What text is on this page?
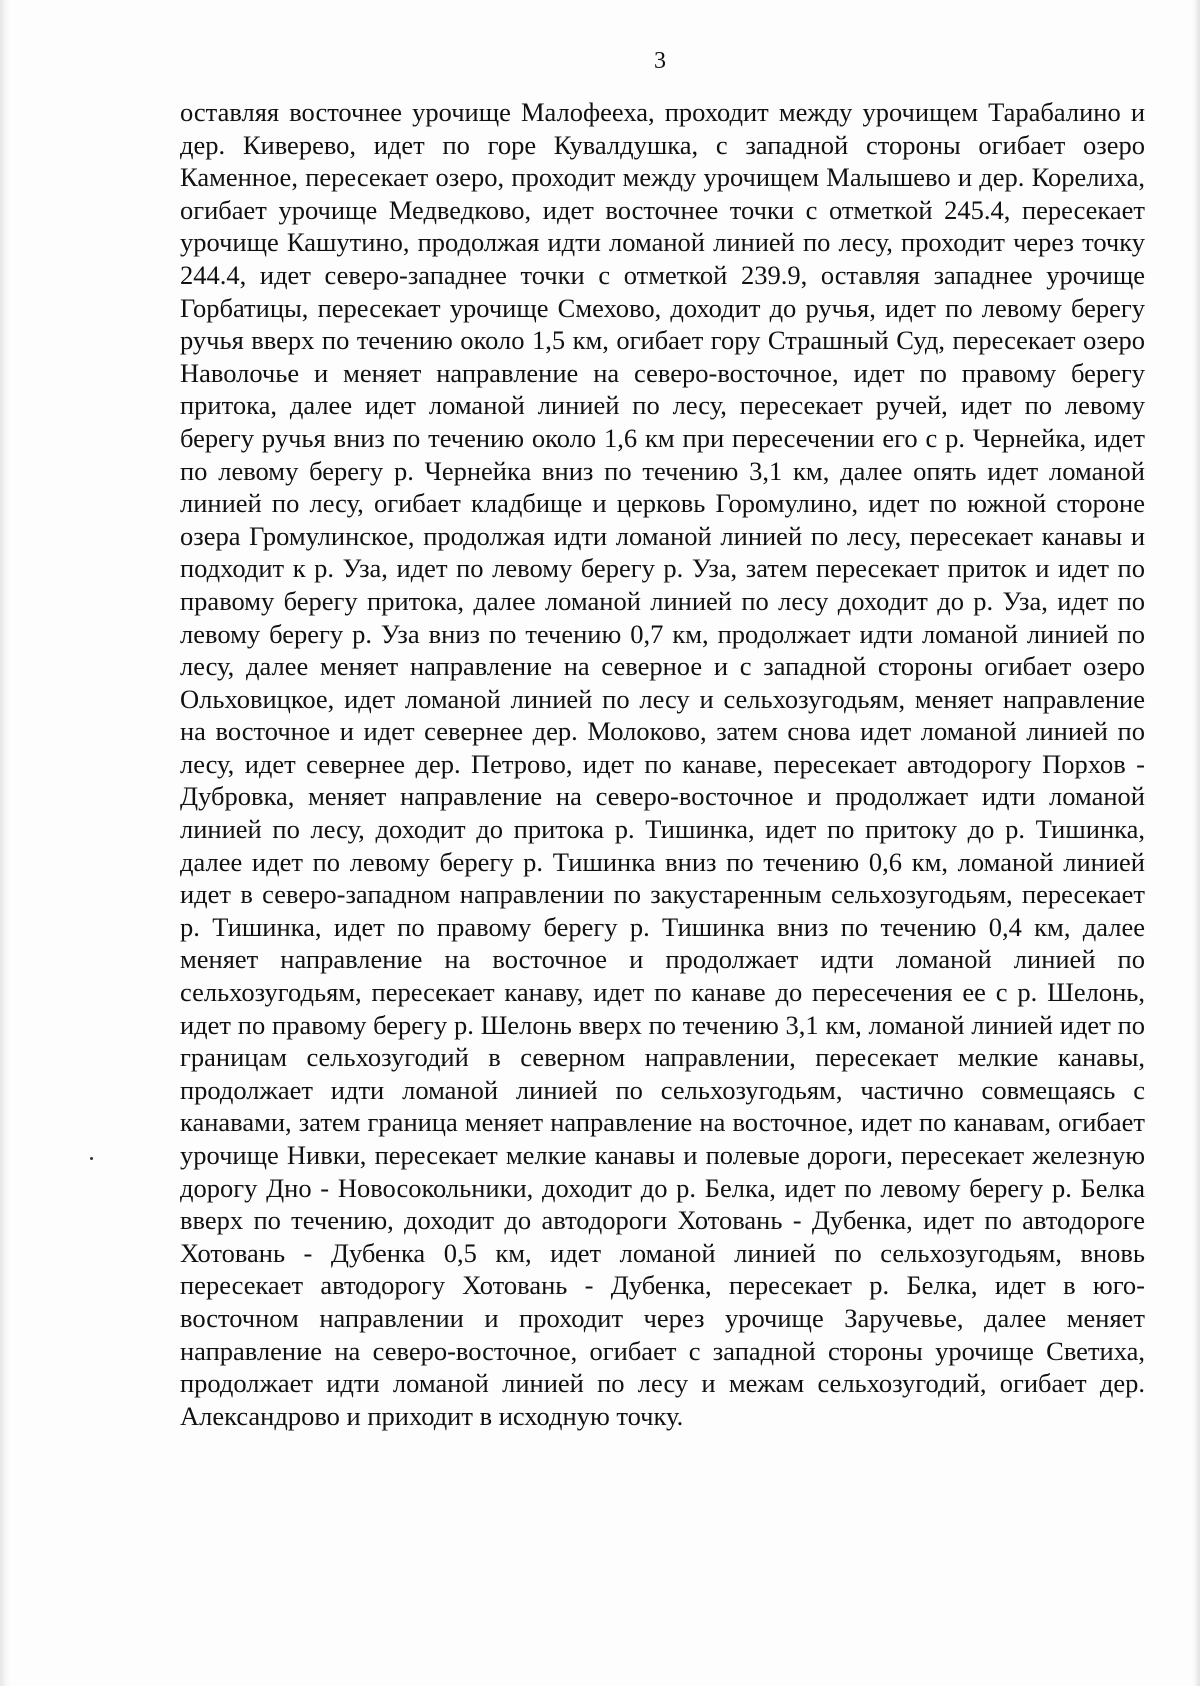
3

оставляя восточнее урочище Малофееха, проходит между урочищем Тарабалино и дер. Киверево, идет по горе Кувалдушка, с западной стороны огибает озеро Каменное, пересекает озеро, проходит между урочищем Малышево и дер. Корелиха, огибает урочище Медведково, идет восточнее точки с отметкой 245.4, пересекает урочище Кашутино, продолжая идти ломаной линией по лесу, проходит через точку 244.4, идет северо-западнее точки с отметкой 239.9, оставляя западнее урочище Горбатицы, пересекает урочище Смехово, доходит до ручья, идет по левому берегу ручья вверх по течению около 1,5 км, огибает гору Страшный Суд, пересекает озеро Наволочье и меняет направление на северо-восточное, идет по правому берегу притока, далее идет ломаной линией по лесу, пересекает ручей, идет по левому берегу ручья вниз по течению около 1,6 км при пересечении его с р. Чернейка, идет по левому берегу р. Чернейка вниз по течению 3,1 км, далее опять идет ломаной линией по лесу, огибает кладбище и церковь Горомулино, идет по южной стороне озера Громулинское, продолжая идти ломаной линией по лесу, пересекает канавы и подходит к р. Уза, идет по левому берегу р. Уза, затем пересекает приток и идет по правому берегу притока, далее ломаной линией по лесу доходит до р. Уза, идет по левому берегу р. Уза вниз по течению 0,7 км, продолжает идти ломаной линией по лесу, далее меняет направление на северное и с западной стороны огибает озеро Ольховицкое, идет ломаной линией по лесу и сельхозугодьям, меняет направление на восточное и идет севернее дер. Молоково, затем снова идет ломаной линией по лесу, идет севернее дер. Петрово, идет по канаве, пересекает автодорогу Порхов - Дубровка, меняет направление на северо-восточное и продолжает идти ломаной линией по лесу, доходит до притока р. Тишинка, идет по притоку до р. Тишинка, далее идет по левому берегу р. Тишинка вниз по течению 0,6 км, ломаной линией идет в северо-западном направлении по закустаренным сельхозугодьям, пересекает р. Тишинка, идет по правому берегу р. Тишинка вниз по течению 0,4 км, далее меняет направление на восточное и продолжает идти ломаной линией по сельхозугодьям, пересекает канаву, идет по канаве до пересечения ее с р. Шелонь, идет по правому берегу р. Шелонь вверх по течению 3,1 км, ломаной линией идет по границам сельхозугодий в северном направлении, пересекает мелкие канавы, продолжает идти ломаной линией по сельхозугодьям, частично совмещаясь с канавами, затем граница меняет направление на восточное, идет по канавам, огибает урочище Нивки, пересекает мелкие канавы и полевые дороги, пересекает железную дорогу Дно - Новосокольники, доходит до р. Белка, идет по левому берегу р. Белка вверх по течению, доходит до автодороги Хотовань - Дубенка, идет по автодороге Хотовань - Дубенка 0,5 км, идет ломаной линией по сельхозугодьям, вновь пересекает автодорогу Хотовань - Дубенка, пересекает р. Белка, идет в юго-восточном направлении и проходит через урочище Заручевье, далее меняет направление на северо-восточное, огибает с западной стороны урочище Светиха, продолжает идти ломаной линией по лесу и межам сельхозугодий, огибает дер. Александрово и приходит в исходную точку.
